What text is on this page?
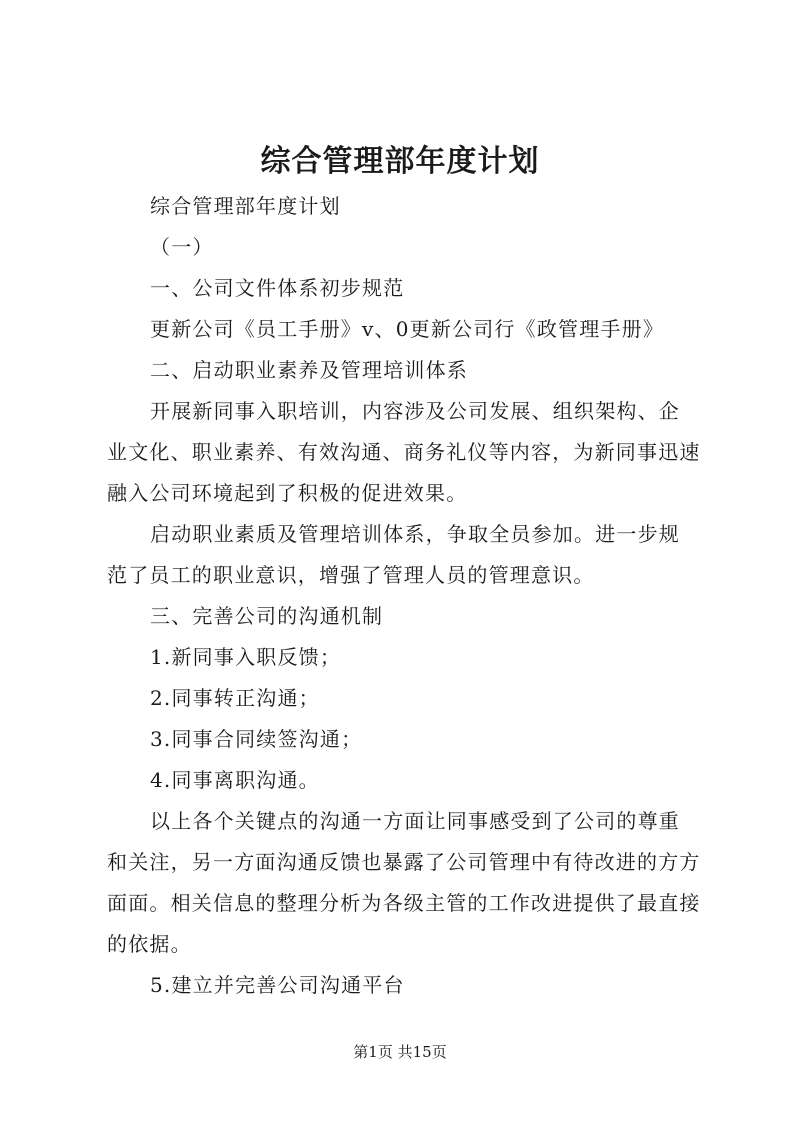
综合管理部年度计划

综合管理部年度计划

（一）

一、公司文件体系初步规范

更新公司《员工手册》v、0更新公司行《政管理手册》

二、启动职业素养及管理培训体系

开展新同事入职培训，内容涉及公司发展、组织架构、企业文化、职业素养、有效沟通、商务礼仪等内容，为新同事迅速融入公司环境起到了积极的促进效果。

启动职业素质及管理培训体系，争取全员参加。进一步规范了员工的职业意识，增强了管理人员的管理意识。

三、完善公司的沟通机制

1.新同事入职反馈；

2.同事转正沟通；

3.同事合同续签沟通；

4.同事离职沟通。

以上各个关键点的沟通一方面让同事感受到了公司的尊重和关注，另一方面沟通反馈也暴露了公司管理中有待改进的方方面面。相关信息的整理分析为各级主管的工作改进提供了最直接的依据。

5.建立并完善公司沟通平台

第1页 共15页
